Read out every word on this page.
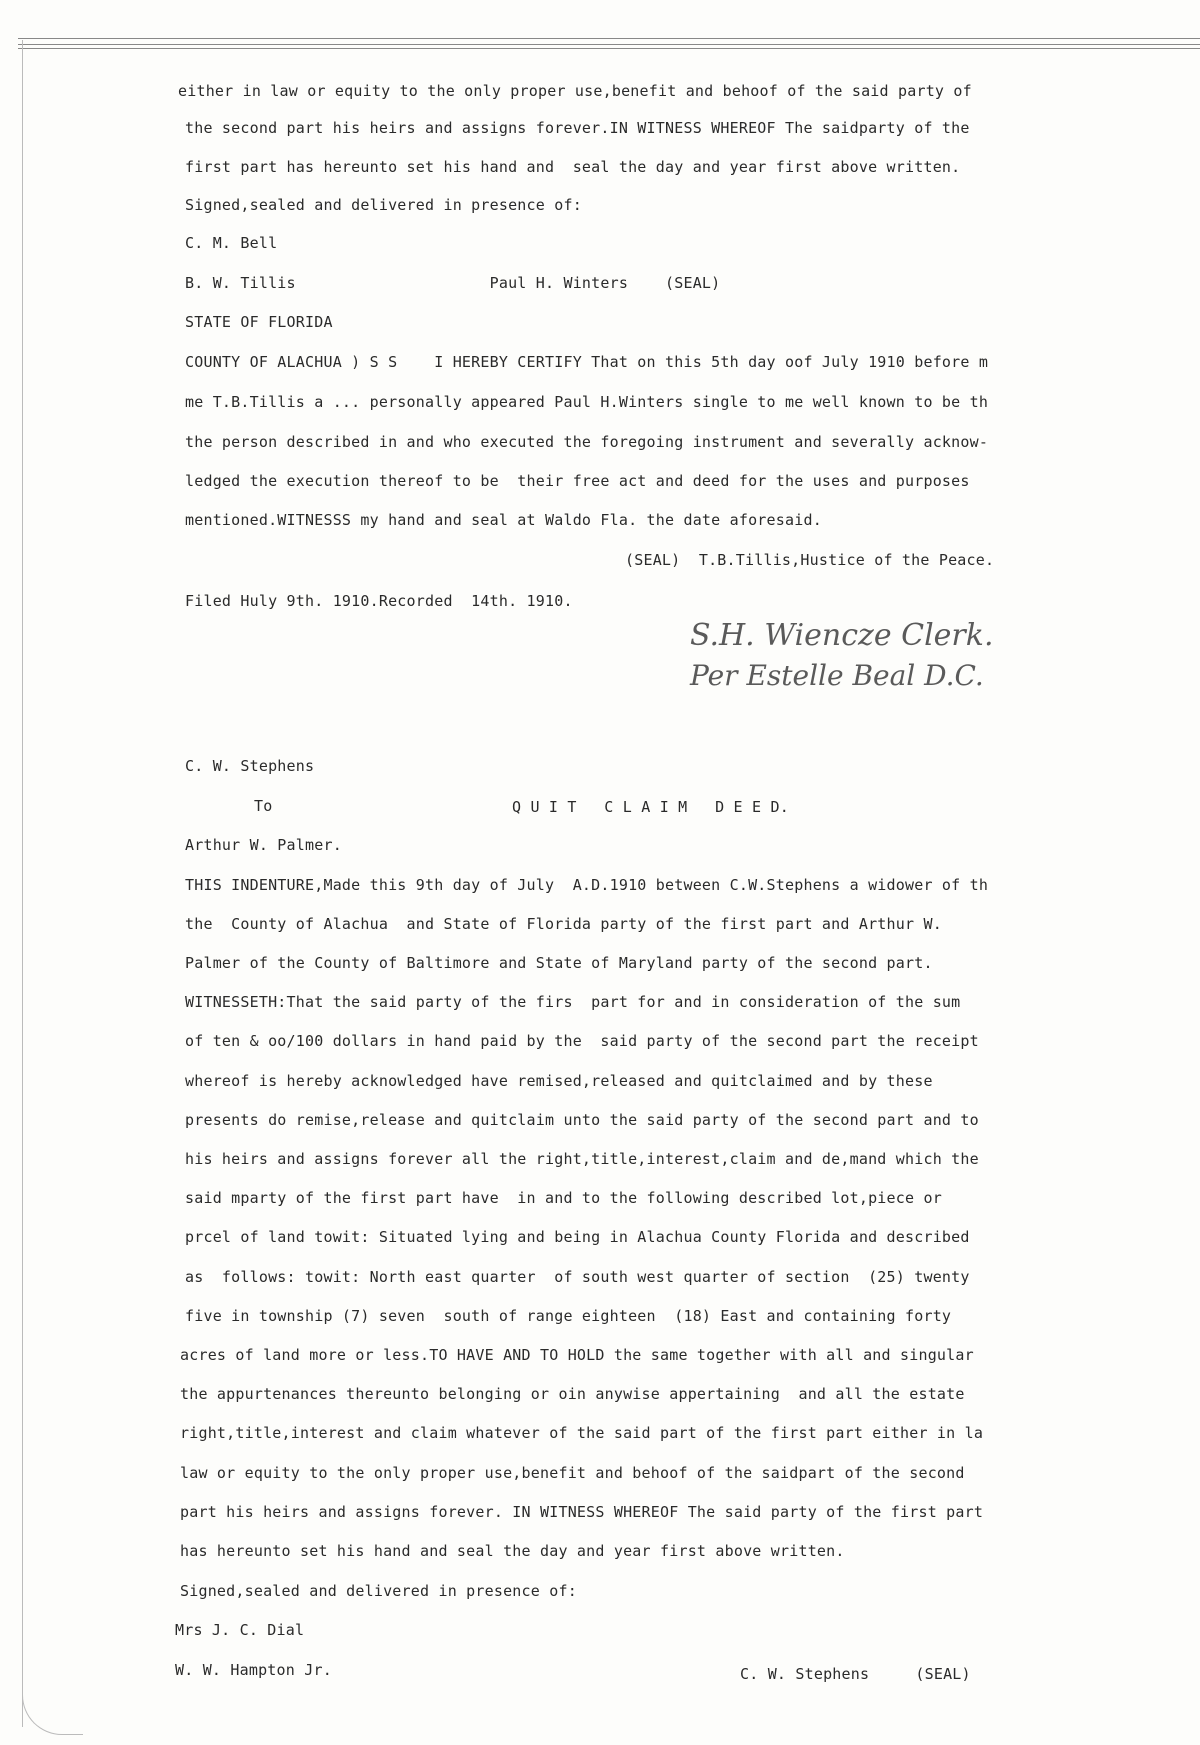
either in law or equity to the only proper use,benefit and behoof of the said party of
the second part his heirs and assigns forever.IN WITNESS WHEREOF The saidparty of the
first part has hereunto set his hand and  seal the day and year first above written.
Signed,sealed and delivered in presence of:
C. M. Bell
B. W. Tillis                     Paul H. Winters    (SEAL)
STATE OF FLORIDA
COUNTY OF ALACHUA ) S S    I HEREBY CERTIFY That on this 5th day oof July 1910 before m
me T.B.Tillis a ... personally appeared Paul H.Winters single to me well known to be th
the person described in and who executed the foregoing instrument and severally acknow-
ledged the execution thereof to be  their free act and deed for the uses and purposes
mentioned.WITNESSS my hand and seal at Waldo Fla. the date aforesaid.
(SEAL)  T.B.Tillis,Hustice of the Peace.
Filed Huly 9th. 1910.Recorded  14th. 1910.
S.H. Wiencze Clerk.
Per Estelle Beal D.C.
C. W. Stephens
To	Q U I T   C L A I M   D E E D.
Arthur W. Palmer.
THIS INDENTURE,Made this 9th day of July  A.D.1910 between C.W.Stephens a widower of th
the  County of Alachua  and State of Florida party of the first part and Arthur W.
Palmer of the County of Baltimore and State of Maryland party of the second part.
WITNESSETH:That the said party of the firs  part for and in consideration of the sum
of ten & oo/100 dollars in hand paid by the  said party of the second part the receipt
whereof is hereby acknowledged have remised,released and quitclaimed and by these
presents do remise,release and quitclaim unto the said party of the second part and to
his heirs and assigns forever all the right,title,interest,claim and de,mand which the
said mparty of the first part have  in and to the following described lot,piece or
prcel of land towit: Situated lying and being in Alachua County Florida and described
as  follows: towit: North east quarter  of south west quarter of section  (25) twenty
five in township (7) seven  south of range eighteen  (18) East and containing forty
acres of land more or less.TO HAVE AND TO HOLD the same together with all and singular
the appurtenances thereunto belonging or oin anywise appertaining  and all the estate
right,title,interest and claim whatever of the said part of the first part either in la
law or equity to the only proper use,benefit and behoof of the saidpart of the second
part his heirs and assigns forever. IN WITNESS WHEREOF The said party of the first part
has hereunto set his hand and seal the day and year first above written.
Signed,sealed and delivered in presence of:
Mrs J. C. Dial
W. W. Hampton Jr.	C. W. Stephens     (SEAL)
